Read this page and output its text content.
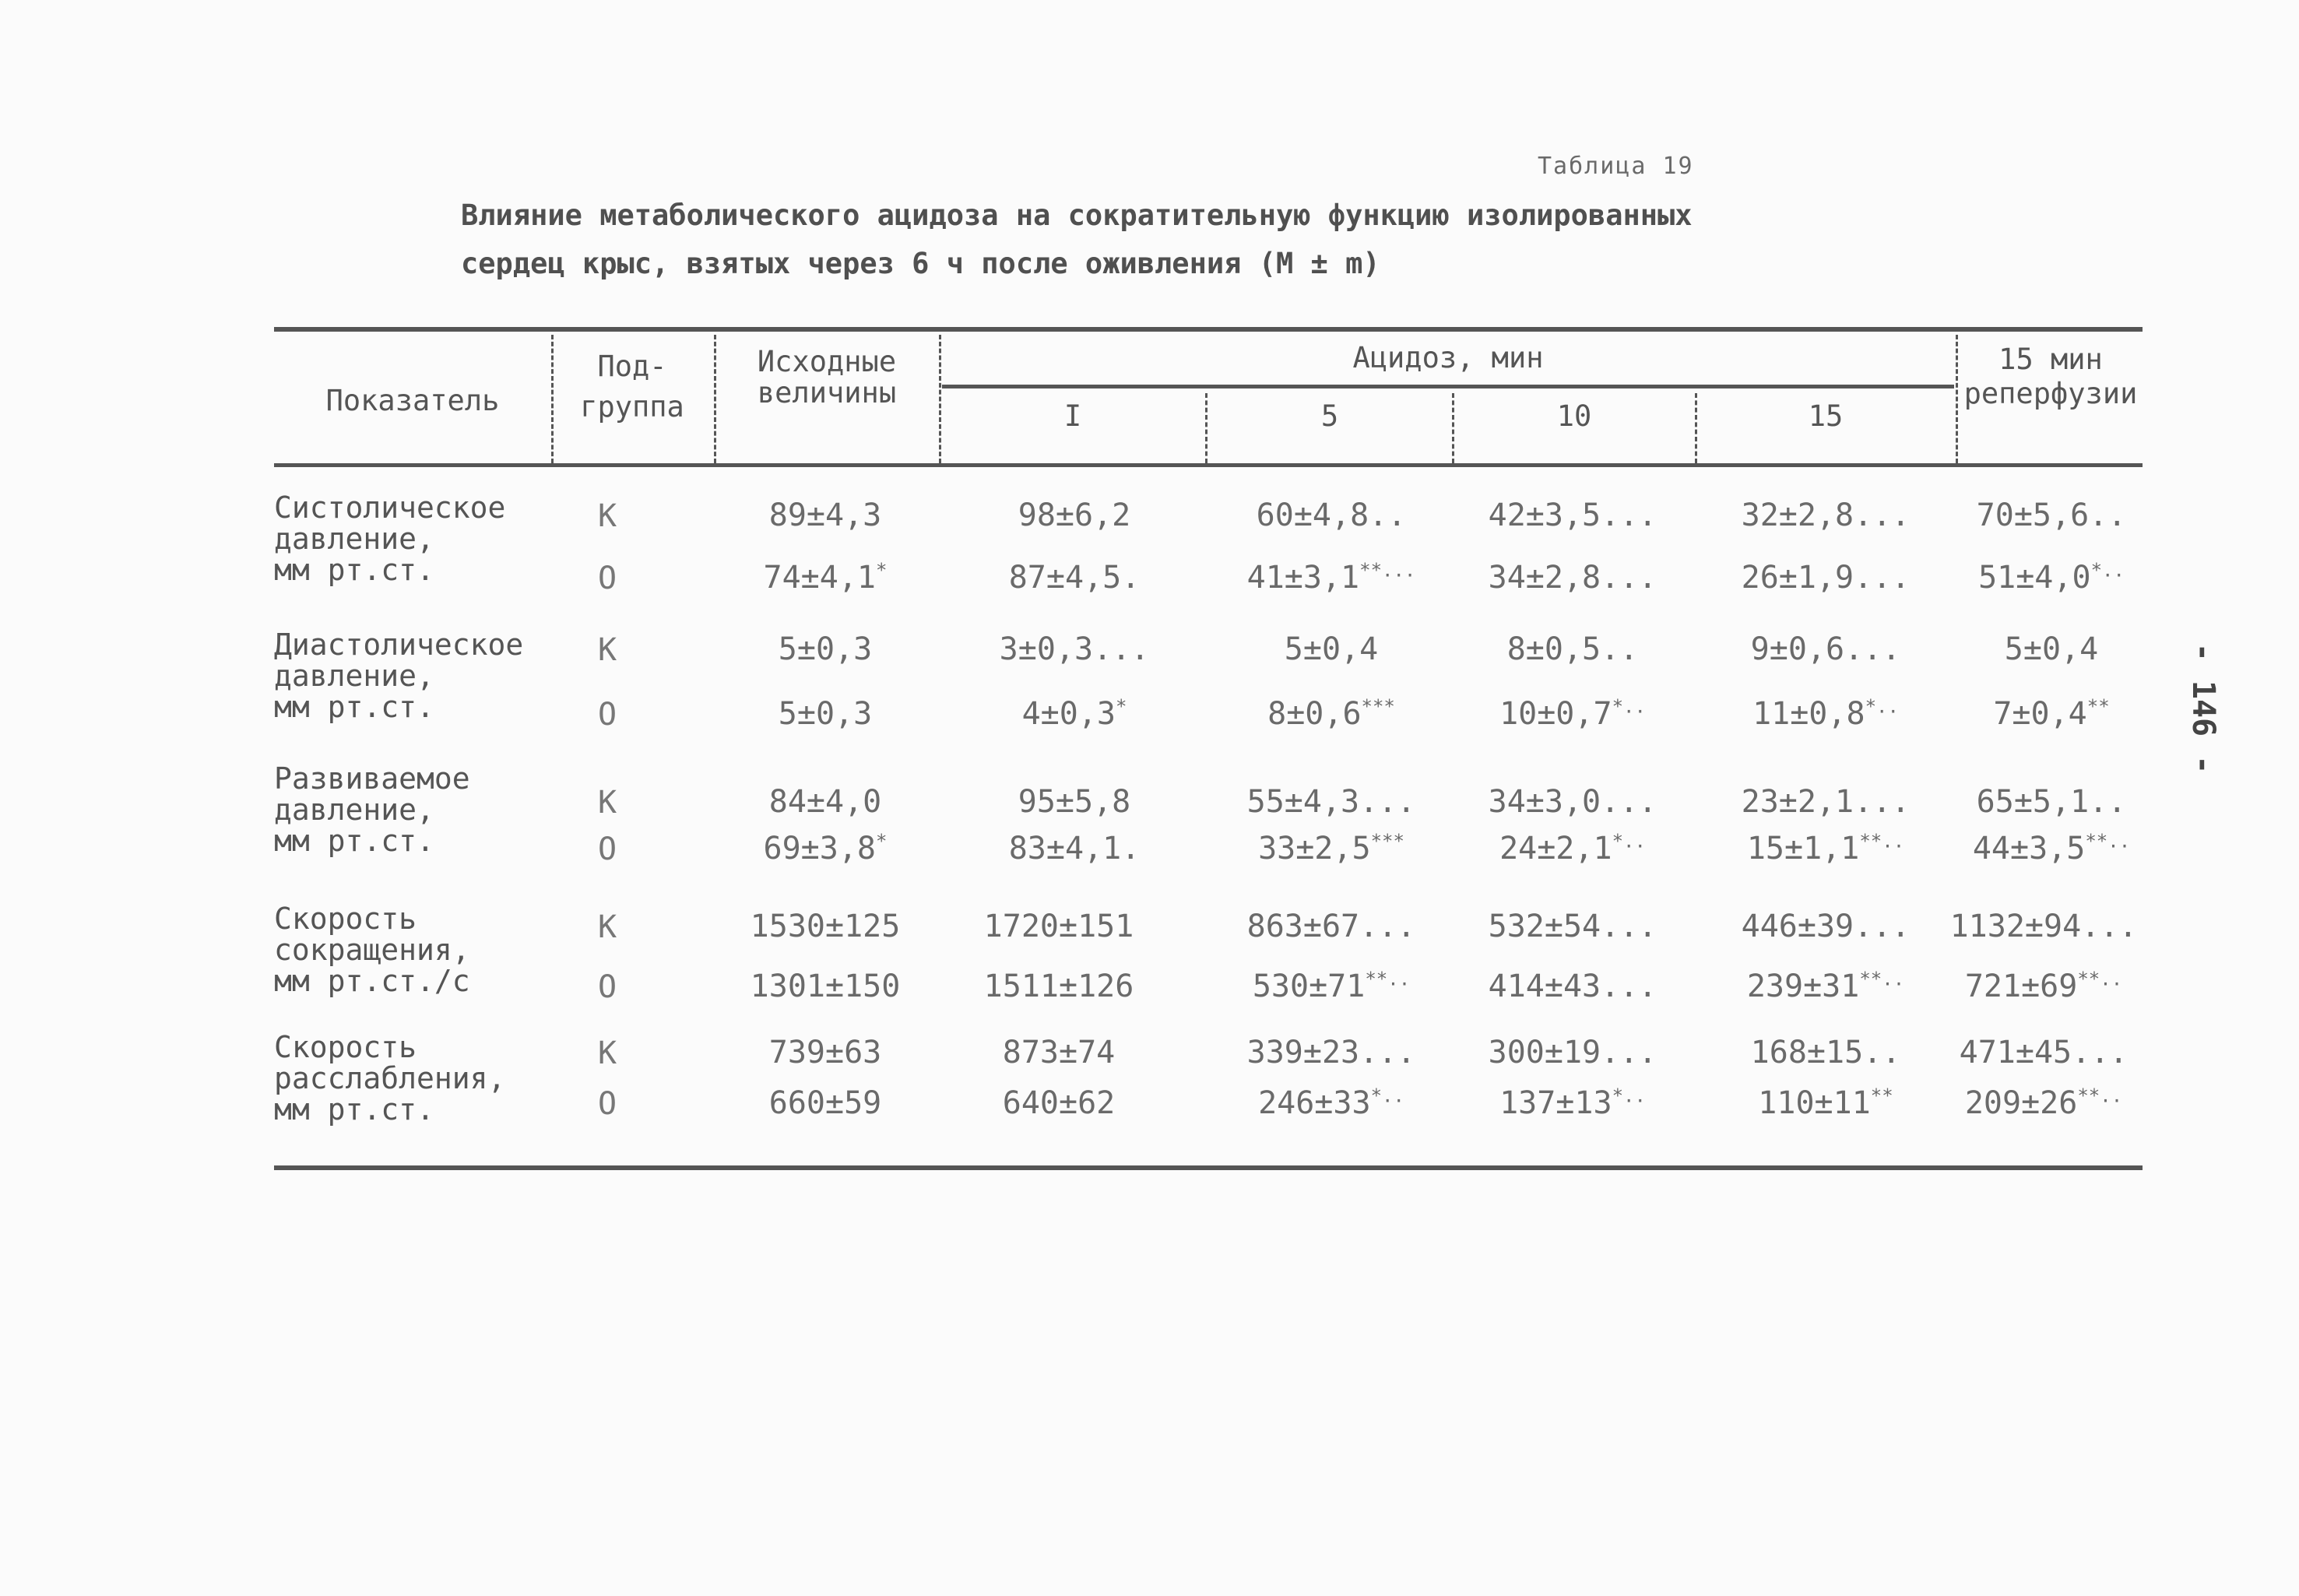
Таблица 19
Влияние метаболического ацидоза на сократительную функцию изолированных
сердец крыс, взятых через 6 ч после оживления (М ± m)
Показатель
Под-группа
Исходные величины
Ацидоз, мин
I	5	10	15
15 мин реперфузии
Систолическое
давление,
мм рт.ст.
К	89±4,3	98±6,2	60±4,8..	42±3,5...	32±2,8...	70±5,6..
О	74±4,1*	87±4,5.	41±3,1**...	34±2,8...	26±1,9...	51±4,0*..
Диастолическое
давление,
мм рт.ст.
К	5±0,3	3±0,3...	5±0,4	8±0,5..	9±0,6...	5±0,4
О	5±0,3	4±0,3*	8±0,6***	10±0,7*..	11±0,8*..	7±0,4**
Развиваемое
давление,
мм рт.ст.
К	84±4,0	95±5,8	55±4,3...	34±3,0...	23±2,1...	65±5,1..
О	69±3,8*	83±4,1.	33±2,5***	24±2,1*..	15±1,1**..	44±3,5**..
Скорость
сокращения,
мм рт.ст./с
К	1530±125	1720±151	863±67...	532±54...	446±39...	1132±94...
О	1301±150	1511±126	530±71**..	414±43...	239±31**..	721±69**..
Скорость
расслабления,
мм рт.ст.
К	739±63	873±74	339±23...	300±19...	168±15..	471±45...
О	660±59	640±62	246±33*..	137±13*..	110±11**	209±26**..
- 146 -
